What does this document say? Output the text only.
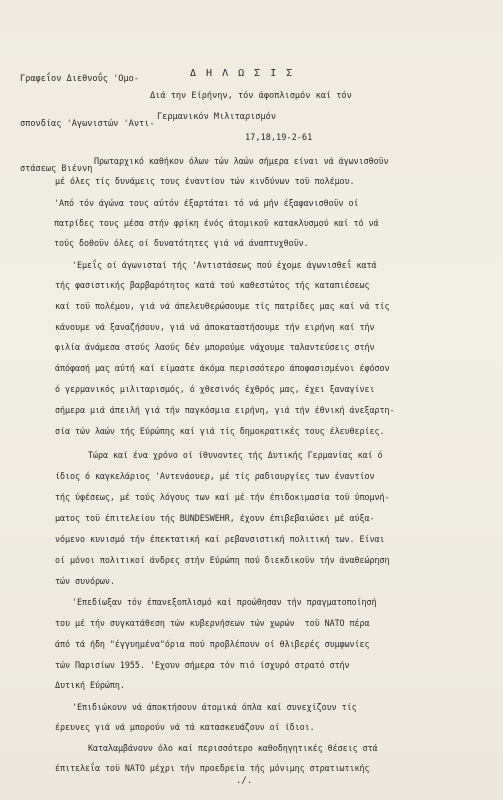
Γραφεΐον Διεθνοΰς 'Ομο-

σπονδίας 'Αγωνιστών 'Αντι-

στάσεως Βιέννη

Δ Η Λ Ω Σ Ι Σ
Διά την Είρήνην, τόν άφοπλισμόν καί τόν
Γερμανικόν Μιλιταρισμόν
17,18,19-2-61
Πρωταρχικό καθήκον όλων τών λαών σήμερα είναι νά άγωνισθοϋν
μέ όλες τίς δυνάμεις τους έναντίον τών κινδύνων τοϋ πολέμου.
'Από τόν άγώνα τους αύτόν έξαρτάται τό νά μήν έξαφανισθοϋν οί
πατρίδες τους μέσα στήν φρίκη ένός άτομικοϋ κατακλυσμού καί τό νά
τούς δοθοϋν όλες οί δυνατότητες γιά νά άναπτυχθοϋν.
'Εμεΐς οί άγωνισταί τής 'Αντιστάσεως πού έχομε άγωνισθεΐ κατά
τής φασιστικής βαρβαρότητος κατά τού καθεστώτος τής καταπιέσεως
καί τοϋ πολέμου, γιά νά άπελευθερώσουμε τίς πατρίδες μας καί νά τίς
κάνουμε νά ξαναζήσουν, γιά νά άποκαταστήσουμε τήν ειρήνη καί τήν
φιλία άνάμεσα στούς λαούς δέν μπορούμε νάχουμε ταλαντεύσεις στήν
άπόφασή μας αύτή καί είμαστε άκόμα περισσότερο άποφασισμένοι έφόσον
ό γερμανικός μιλιταρισμός, ό χθεσινός έχθρός μας, έχει ξαναγίνει
σήμερα μιά άπειλή γιά τήν παγκόσμια ειρήνη, γιά τήν έθνική άνεξαρτη-
σία τών λαών τής Εύρώπης καί γιά τίς δημοκρατικές τους έλευθερίες.
Τώρα καί ένα χρόνο οί ίθυνοντες τής Δυτικής Γερμανίας καί ό
ίδιος ό καγκελάριος 'Αντενάουερ, μέ τίς ραδιουργίες των έναντίον
τής ύφέσεως, μέ τούς λόγους των καί μέ τήν έπιδοκιμασία τοϋ ύπομνή-
ματος τοϋ έπιτελείου τής BUNDESWEHR, έχουν έπιβεβαιώσει μέ αύξα-
νόμενο κυνισμό τήν έπεκτατική καί ρεβανσιστική πολιτική των. Είναι
οί μόνοι πολιτικοί άνδρες στήν Εύρώπη πού διεκδικοϋν τήν άναθεώρηση
τών συνόρων.
'Επεδίωξαν τόν έπανεξοπλισμό καί προώθησαν τήν πραγματοποίησή
του μέ τήν συγκατάθεση τών κυβερνήσεων τών χωρών  τοϋ ΝΑΤΟ πέρα
άπό τά ήδη "έγγυημένα"όρια πού προβλέπουν οί θλιβερές συμφωνίες
τών Παρισίων 1955. 'Εχουν σήμερα τόν πιό ίσχυρό στρατό στήν
Δυτική Εύρώπη.
'Επιδιώκουν νά άποκτήσουν άτομικά όπλα καί συνεχίζουν τίς
έρευνες γιά νά μπορούν νά τά κατασκευάζουν οί ίδιοι.
Καταλαμβάνουν όλο καί περισσότερο καθοδηγητικές θέσεις στά
έπιτελεΐα τοϋ ΝΑΤΟ μέχρι τήν προεδρεία τής μόνιμης στρατιωτικής
./.
